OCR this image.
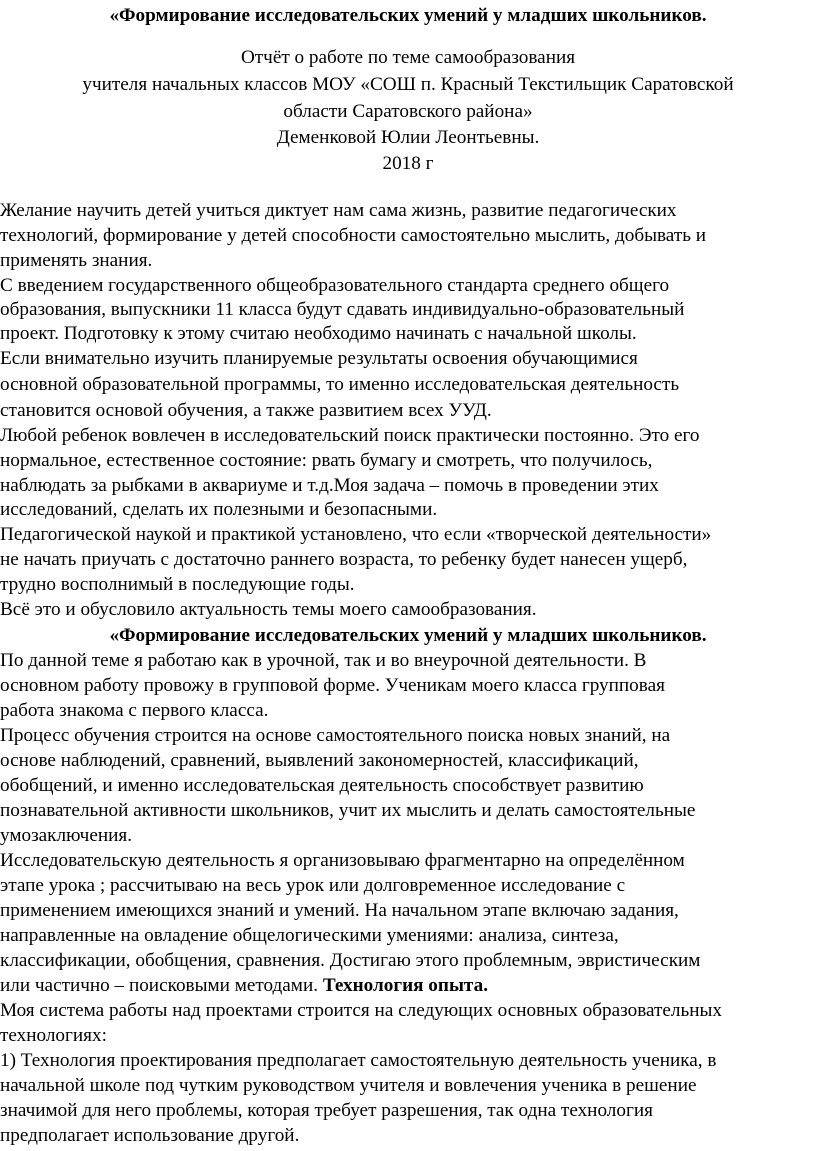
«Формирование исследовательских умений у младших школьников.
Отчёт о работе по теме самообразования
учителя начальных классов МОУ «СОШ п. Красный Текстильщик Саратовской
области Саратовского района»
Деменковой Юлии Леонтьевны.
2018 г
Желание научить детей учиться диктует нам сама жизнь, развитие педагогических
технологий, формирование у детей способности самостоятельно мыслить, добывать и
применять знания.
С введением государственного общеобразовательного стандарта среднего общего
образования, выпускники 11 класса будут сдавать индивидуально-образовательный
проект. Подготовку к этому считаю необходимо начинать с начальной школы.
Если внимательно изучить планируемые результаты освоения обучающимися
основной образовательной программы, то именно исследовательская деятельность
становится основой обучения, а также развитием всех УУД.
Любой ребенок вовлечен в исследовательский поиск практически постоянно. Это его
нормальное, естественное состояние: рвать бумагу и смотреть, что получилось,
наблюдать за рыбками в аквариуме и т.д.Моя задача – помочь в проведении этих
исследований, сделать их полезными и безопасными.
Педагогической наукой и практикой установлено, что если «творческой деятельности»
не начать приучать с достаточно раннего возраста, то ребенку будет нанесен ущерб,
трудно восполнимый в последующие годы.
Всё это и обусловило актуальность темы моего самообразования.
«Формирование исследовательских умений у младших школьников.
По данной теме я работаю как в урочной, так и во внеурочной деятельности. В
основном работу провожу в групповой форме. Ученикам моего класса групповая
работа знакома с первого класса.
Процесс обучения строится на основе самостоятельного поиска новых знаний, на
основе наблюдений, сравнений, выявлений закономерностей, классификаций,
обобщений, и именно исследовательская деятельность способствует развитию
познавательной активности школьников, учит их мыслить и делать самостоятельные
умозаключения.
Исследовательскую деятельность я организовываю фрагментарно на определённом
этапе урока ; рассчитываю на весь урок или долговременное исследование с
применением имеющихся знаний и умений. На начальном этапе включаю задания,
направленные на овладение общелогическими умениями: анализа, синтеза,
классификации, обобщения, сравнения. Достигаю этого проблемным, эвристическим
или частично – поисковыми методами. Технология опыта.
Моя система работы над проектами строится на следующих основных образовательных
технологиях:
1) Технология проектирования предполагает самостоятельную деятельность ученика, в
начальной школе под чутким руководством учителя и вовлечения ученика в решение
значимой для него проблемы, которая требует разрешения, так одна технология
предполагает использование другой.
